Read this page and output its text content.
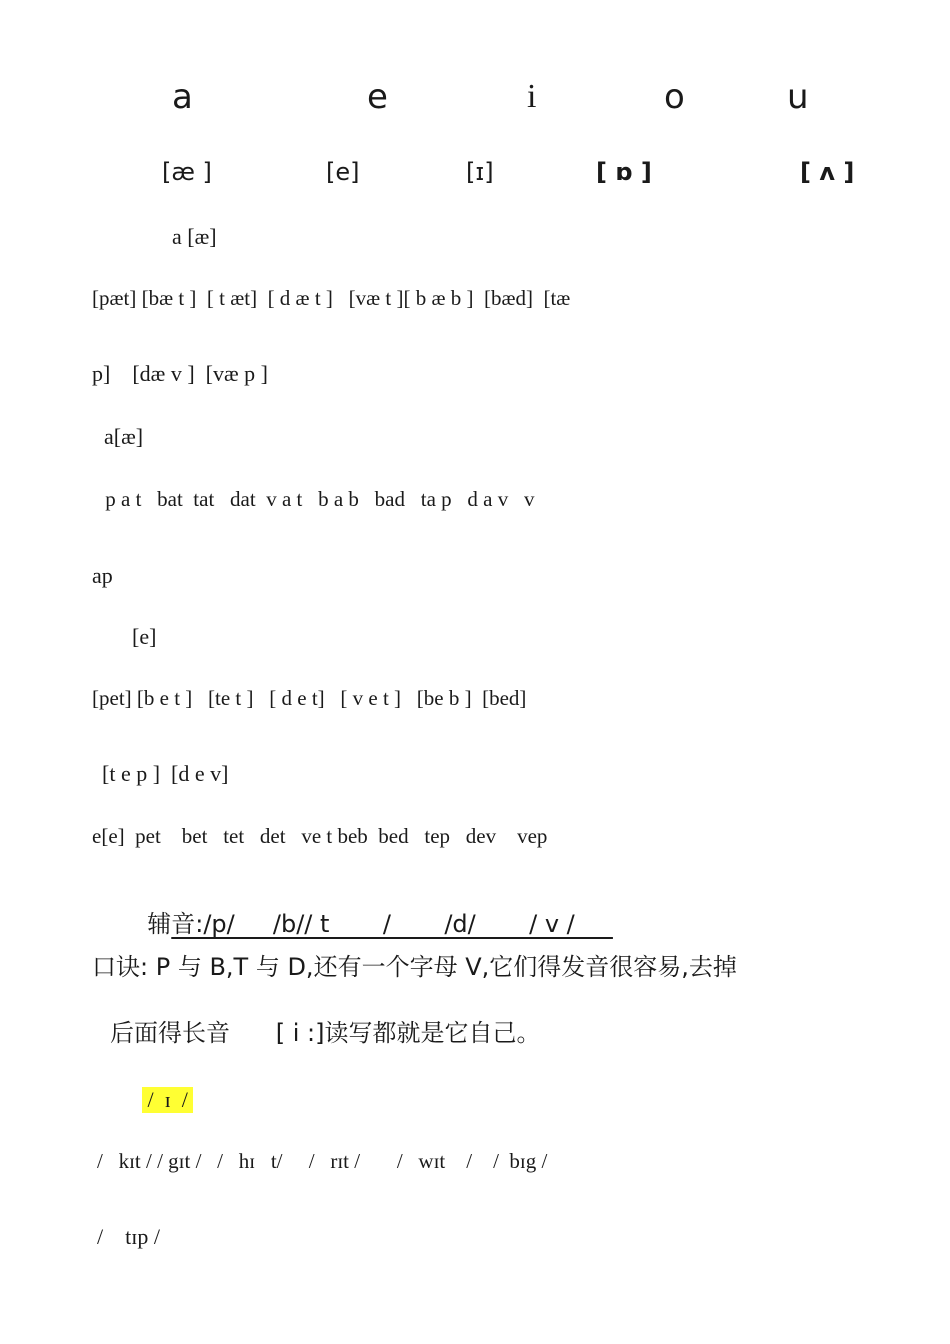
a	e	i	o	u
[æ ]	[e]	[ɪ]	[ ɒ ]	[ ʌ ]
a [æ]
[pæt] [bæ t ]  [ t æt]  [ d æ t ]   [væ t ][ b æ b ]  [bæd]  [tæ
p]    [dæ v ]  [væ p ]
a[æ]
p a t   bat  tat   dat  v a t   b a b   bad   ta p   d a v   v
ap
[e]
[pet] [b e t ]   [te t ]   [ d e t]   [ v e t ]   [be b ]  [bed]
[t e p ]  [d e v]
e[e]  pet    bet   tet   det   ve t beb  bed   tep   dev    vep

辅音:/p/     /b// t       /       /d/       / v /

口诀: P 与 B,T 与 D,还有一个字母 V,它们得发音很容易,去掉
后面得长音      [ i :]读写都就是它自己。
/  ɪ  /
/   kɪt / / gɪt /   /   hɪ   t/     /   rɪt /       /   wɪt    /    /  bɪg /
/    tɪp /
